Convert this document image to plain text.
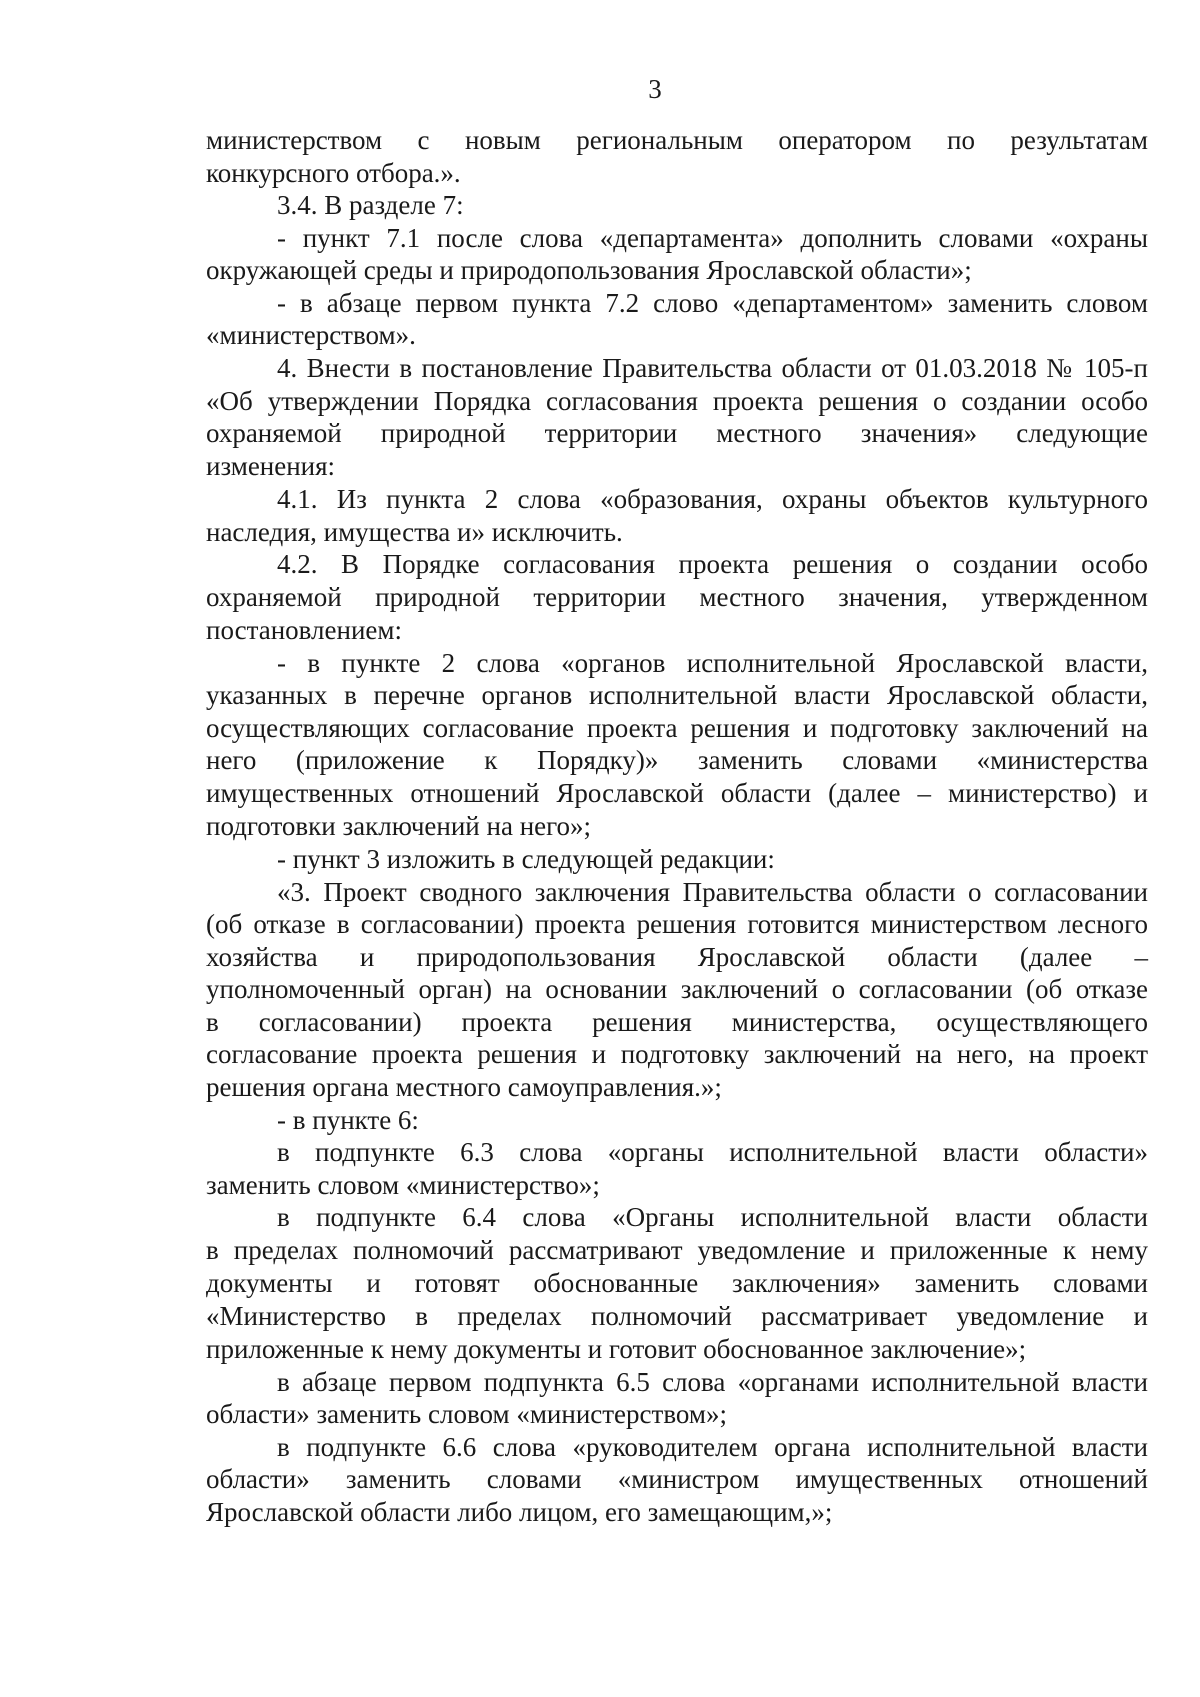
3
министерством с новым региональным оператором по результатам
конкурсного отбора.».
3.4. В разделе 7:
- пункт 7.1 после слова «департамента» дополнить словами «охраны
окружающей среды и природопользования Ярославской области»;
- в абзаце первом пункта 7.2 слово «департаментом» заменить словом
«министерством».
4. Внести в постановление Правительства области от 01.03.2018 № 105-п
«Об утверждении Порядка согласования проекта решения о создании особо
охраняемой природной территории местного значения» следующие
изменения:
4.1. Из пункта 2 слова «образования, охраны объектов культурного
наследия, имущества и» исключить.
4.2. В Порядке согласования проекта решения о создании особо
охраняемой природной территории местного значения, утвержденном
постановлением:
- в пункте 2 слова «органов исполнительной Ярославской власти,
указанных в перечне органов исполнительной власти Ярославской области,
осуществляющих согласование проекта решения и подготовку заключений на
него (приложение к Порядку)» заменить словами «министерства
имущественных отношений Ярославской области (далее – министерство) и
подготовки заключений на него»;
- пункт 3 изложить в следующей редакции:
«3. Проект сводного заключения Правительства области о согласовании
(об отказе в согласовании) проекта решения готовится министерством лесного
хозяйства и природопользования Ярославской области (далее –
уполномоченный орган) на основании заключений о согласовании (об отказе
в согласовании) проекта решения министерства, осуществляющего
согласование проекта решения и подготовку заключений на него, на проект
решения органа местного самоуправления.»;
- в пункте 6:
в подпункте 6.3 слова «органы исполнительной власти области»
заменить словом «министерство»;
в подпункте 6.4 слова «Органы исполнительной власти области
в пределах полномочий рассматривают уведомление и приложенные к нему
документы и готовят обоснованные заключения» заменить словами
«Министерство в пределах полномочий рассматривает уведомление и
приложенные к нему документы и готовит обоснованное заключение»;
в абзаце первом подпункта 6.5 слова «органами исполнительной власти
области» заменить словом «министерством»;
в подпункте 6.6 слова «руководителем органа исполнительной власти
области» заменить словами «министром имущественных отношений
Ярославской области либо лицом, его замещающим,»;
